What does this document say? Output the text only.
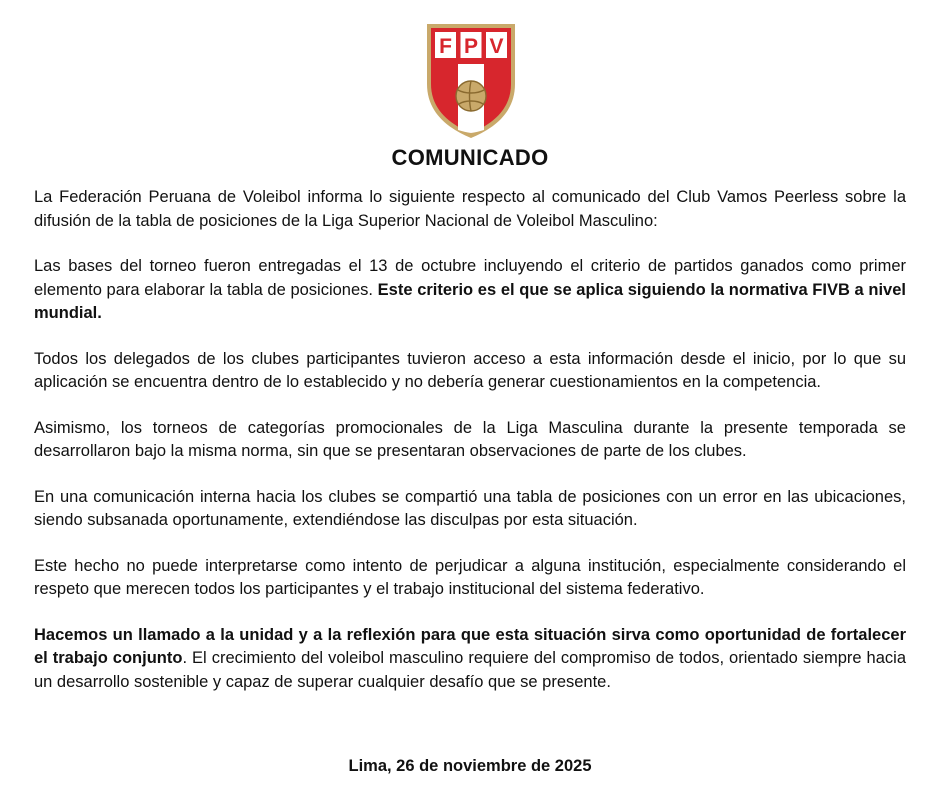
F P V
COMUNICADO

La Federación Peruana de Voleibol informa lo siguiente respecto al comunicado del Club Vamos Peerless sobre la difusión de la tabla de posiciones de la Liga Superior Nacional de Voleibol Masculino:

Las bases del torneo fueron entregadas el 13 de octubre incluyendo el criterio de partidos ganados como primer elemento para elaborar la tabla de posiciones. Este criterio es el que se aplica siguiendo la normativa FIVB a nivel mundial.

Todos los delegados de los clubes participantes tuvieron acceso a esta información desde el inicio, por lo que su aplicación se encuentra dentro de lo establecido y no debería generar cuestionamientos en la competencia.

Asimismo, los torneos de categorías promocionales de la Liga Masculina durante la presente temporada se desarrollaron bajo la misma norma, sin que se presentaran observaciones de parte de los clubes.

En una comunicación interna hacia los clubes se compartió una tabla de posiciones con un error en las ubicaciones, siendo subsanada oportunamente, extendiéndose las disculpas por esta situación.

Este hecho no puede interpretarse como intento de perjudicar a alguna institución, especialmente considerando el respeto que merecen todos los participantes y el trabajo institucional del sistema federativo.

Hacemos un llamado a la unidad y a la reflexión para que esta situación sirva como oportunidad de fortalecer el trabajo conjunto. El crecimiento del voleibol masculino requiere del compromiso de todos, orientado siempre hacia un desarrollo sostenible y capaz de superar cualquier desafío que se presente.

Lima, 26 de noviembre de 2025
